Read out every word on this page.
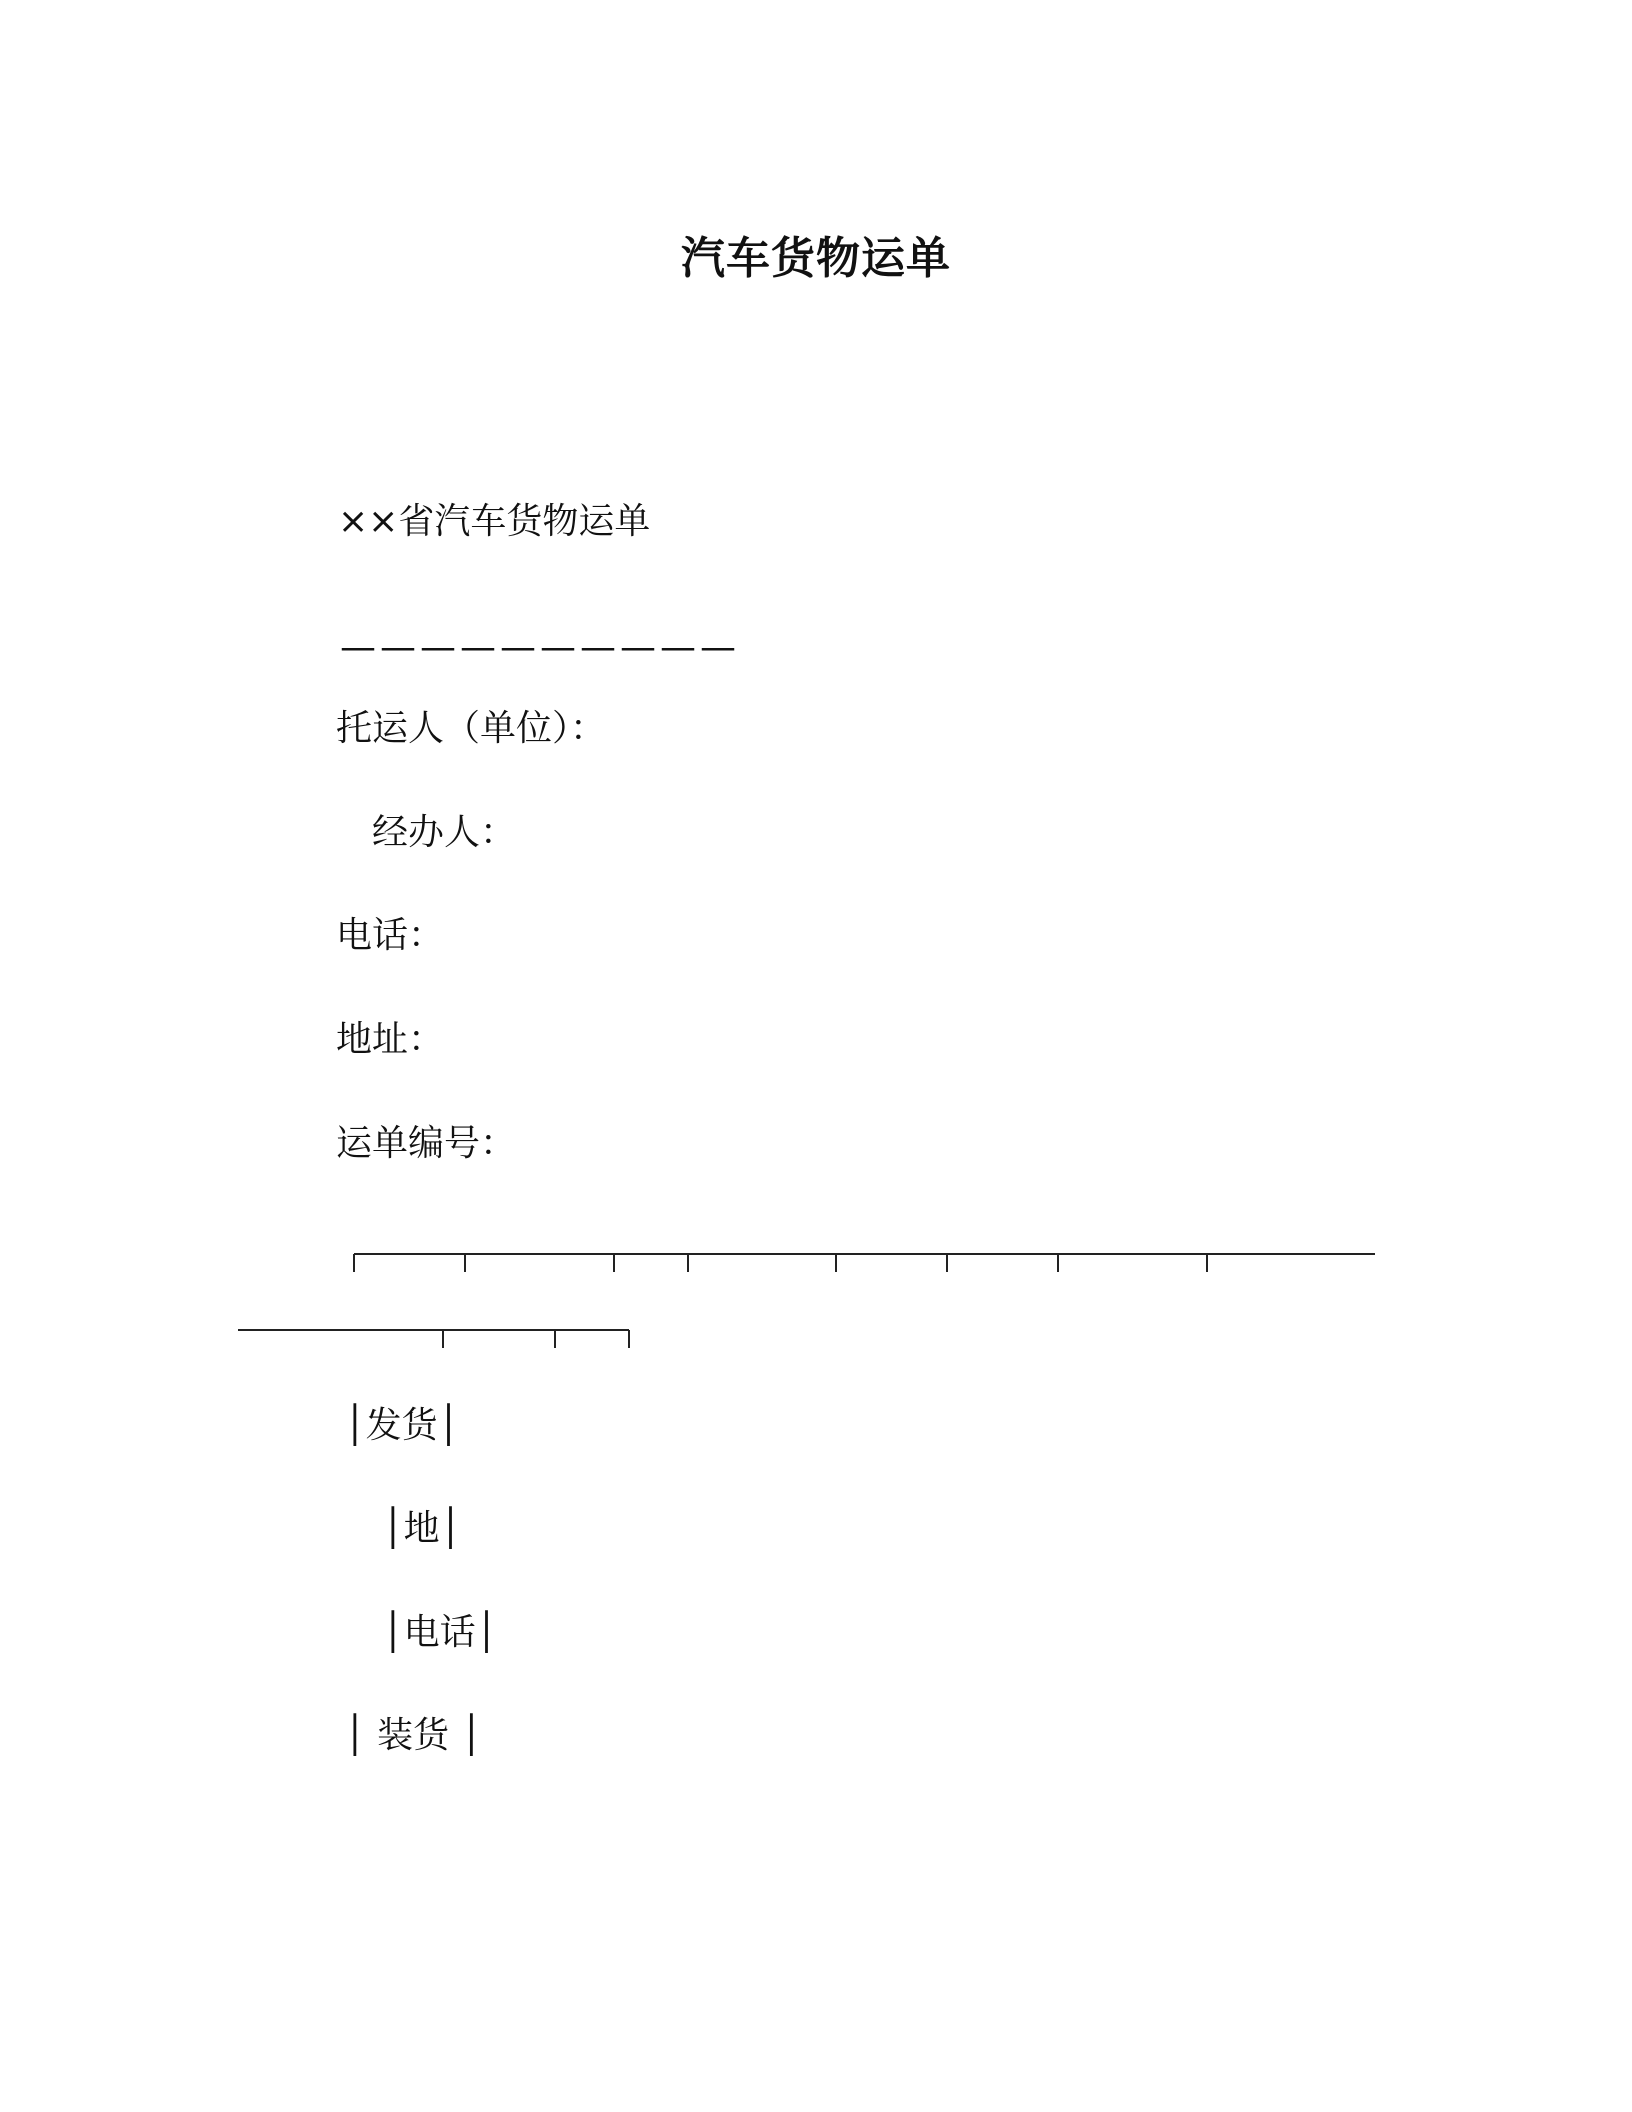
汽车货物运单
××省汽车货物运单
——————————
托运人（单位）：
经办人：
电话：
地址：
运单编号：
│发货│
│地│
│电话│
│ 装货 │
